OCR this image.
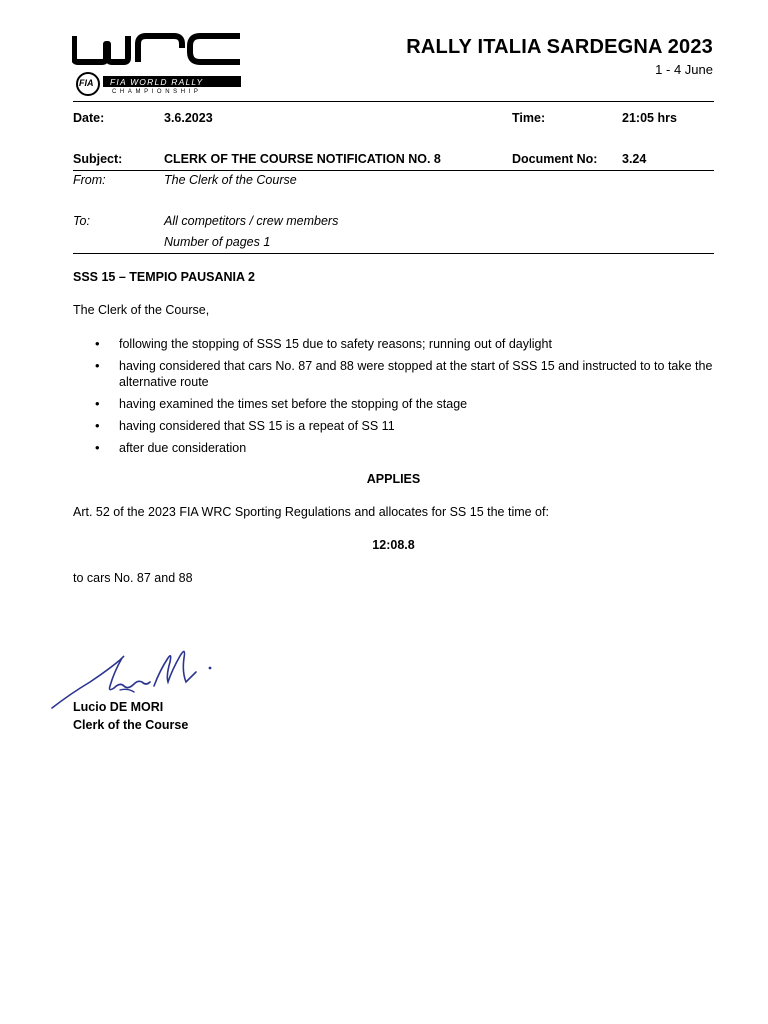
FIA FIA WORLD RALLY
CHAMPIONSHIP
RALLY ITALIA SARDEGNA 2023
1 - 4 June
Date:	3.6.2023	Time:	21:05 hrs
Subject:	CLERK OF THE COURSE NOTIFICATION NO. 8	Document No: 3.24
From:	The Clerk of the Course
To:	All competitors / crew members
Number of pages 1
SSS 15 – TEMPIO PAUSANIA 2
The Clerk of the Course,
• following the stopping of SSS 15 due to safety reasons; running out of daylight
• having considered that cars No. 87 and 88 were stopped at the start of SSS 15 and instructed to to take the alternative route
• having examined the times set before the stopping of the stage
• having considered that SS 15 is a repeat of SS 11
• after due consideration
APPLIES
Art. 52 of the 2023 FIA WRC Sporting Regulations and allocates for SS 15 the time of:
12:08.8
to cars No. 87 and 88
Lucio DE MORI
Clerk of the Course
